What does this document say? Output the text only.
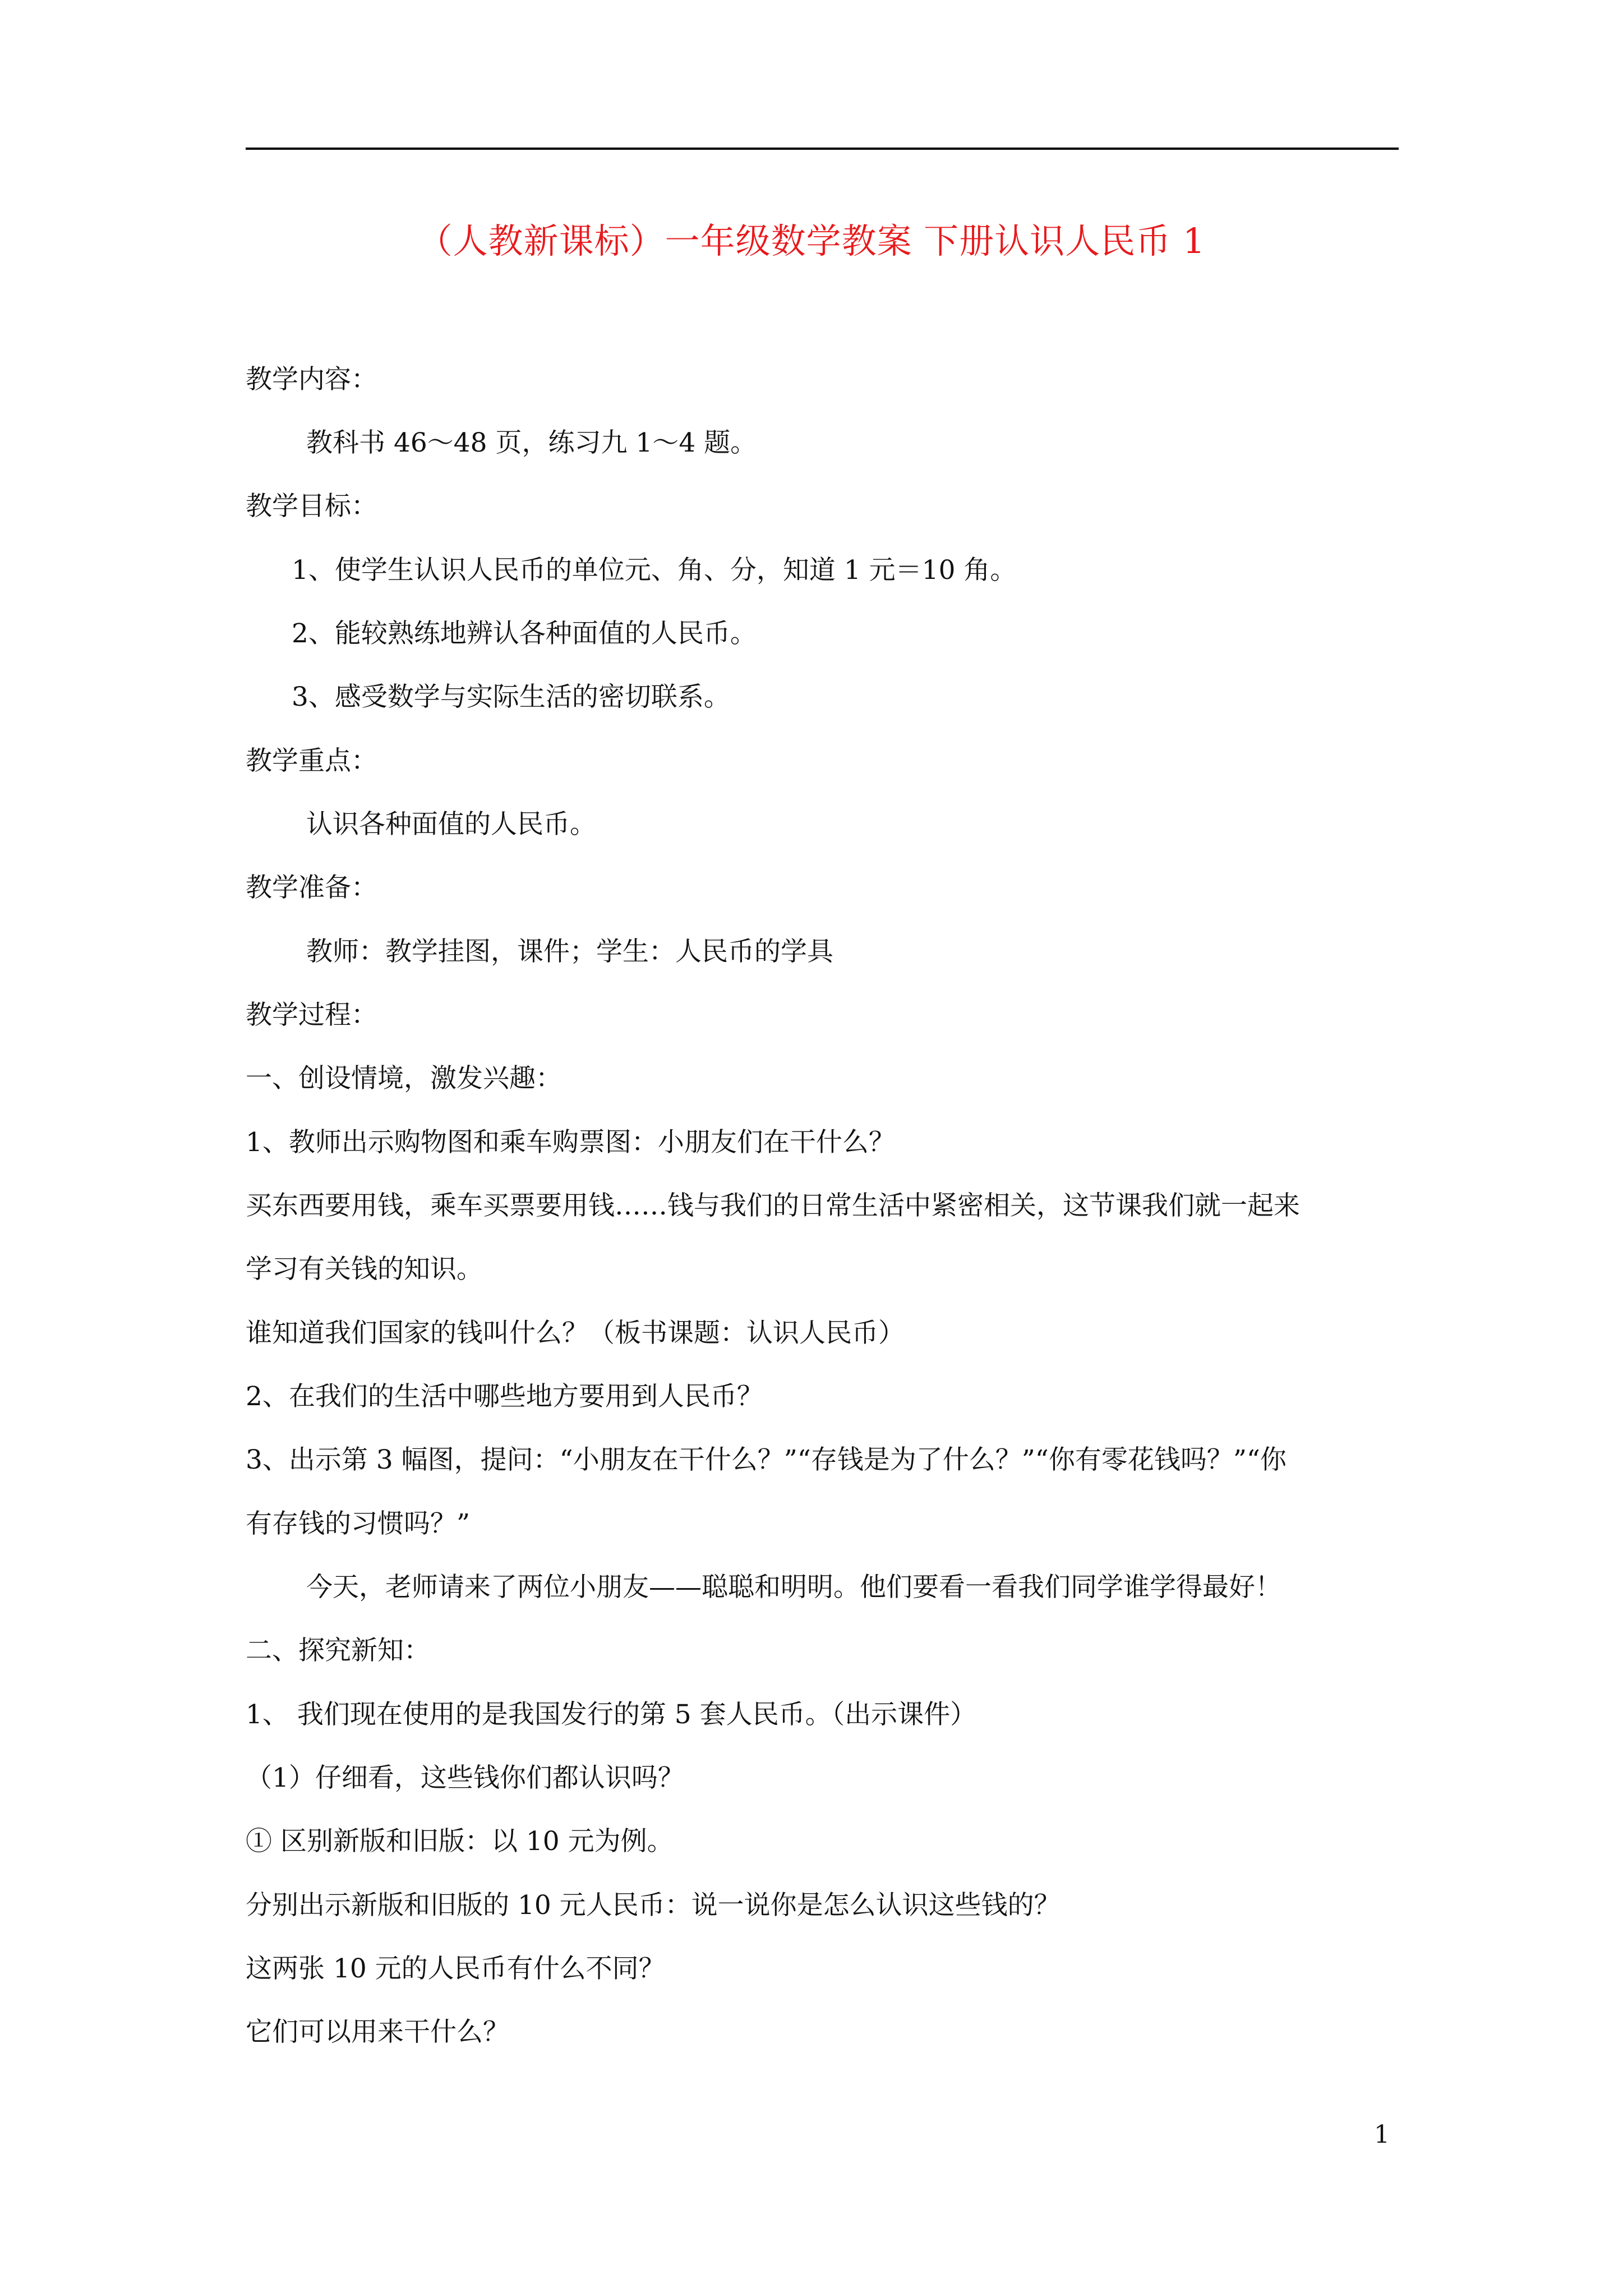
（人教新课标）一年级数学教案 下册认识人民币 1
教学内容：
教科书 46～48 页，练习九 1～4 题。
教学目标：
1、使学生认识人民币的单位元、角、分，知道 1 元＝10 角。
2、能较熟练地辨认各种面值的人民币。
3、感受数学与实际生活的密切联系。
教学重点：
认识各种面值的人民币。
教学准备：
教师：教学挂图，课件；学生：人民币的学具
教学过程：
一、创设情境，激发兴趣：
1、教师出示购物图和乘车购票图：小朋友们在干什么？
买东西要用钱，乘车买票要用钱……钱与我们的日常生活中紧密相关，这节课我们就一起来
学习有关钱的知识。
谁知道我们国家的钱叫什么？（板书课题：认识人民币）
2、在我们的生活中哪些地方要用到人民币？
3、出示第 3 幅图，提问：“小朋友在干什么？”“存钱是为了什么？”“你有零花钱吗？”“你
有存钱的习惯吗？”
今天，老师请来了两位小朋友——聪聪和明明。他们要看一看我们同学谁学得最好！
二、探究新知：
1、 我们现在使用的是我国发行的第 5 套人民币。（出示课件）
（1）仔细看，这些钱你们都认识吗？
① 区别新版和旧版：以 10 元为例。
分别出示新版和旧版的 10 元人民币：说一说你是怎么认识这些钱的？
这两张 10 元的人民币有什么不同？
它们可以用来干什么？
1
